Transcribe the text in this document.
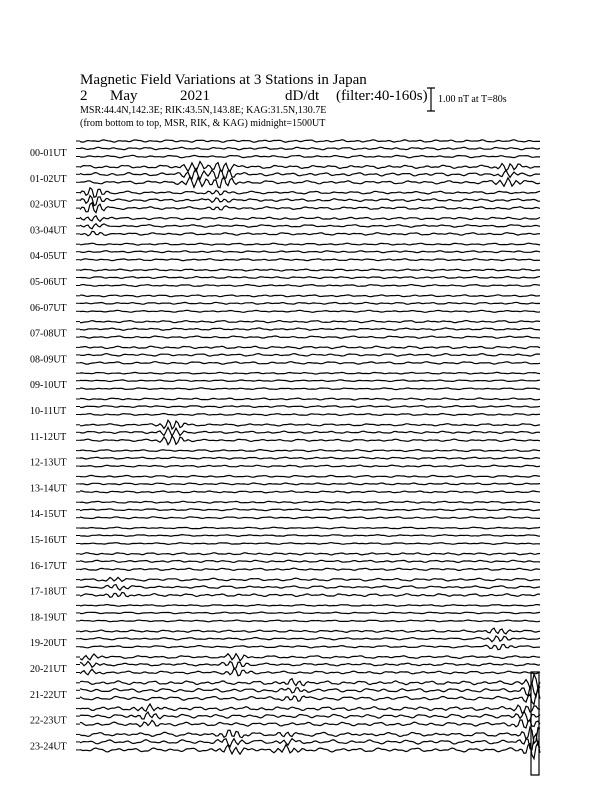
Magnetic Field Variations at 3 Stations in Japan
2 May	2021	dD/dt (filter:40-160s)
MSR:44.4N,142.3E; RIK:43.5N,143.8E; KAG:31.5N,130.7E
(from bottom to top, MSR, RIK, & KAG) midnight=1500UT
1.00 nT at T=80s
00-01UT
01-02UT
02-03UT
03-04UT
04-05UT
05-06UT
06-07UT
07-08UT
08-09UT
09-10UT
10-11UT
11-12UT
12-13UT
13-14UT
14-15UT
15-16UT
16-17UT
17-18UT
18-19UT
19-20UT
20-21UT
21-22UT
22-23UT
23-24UT
